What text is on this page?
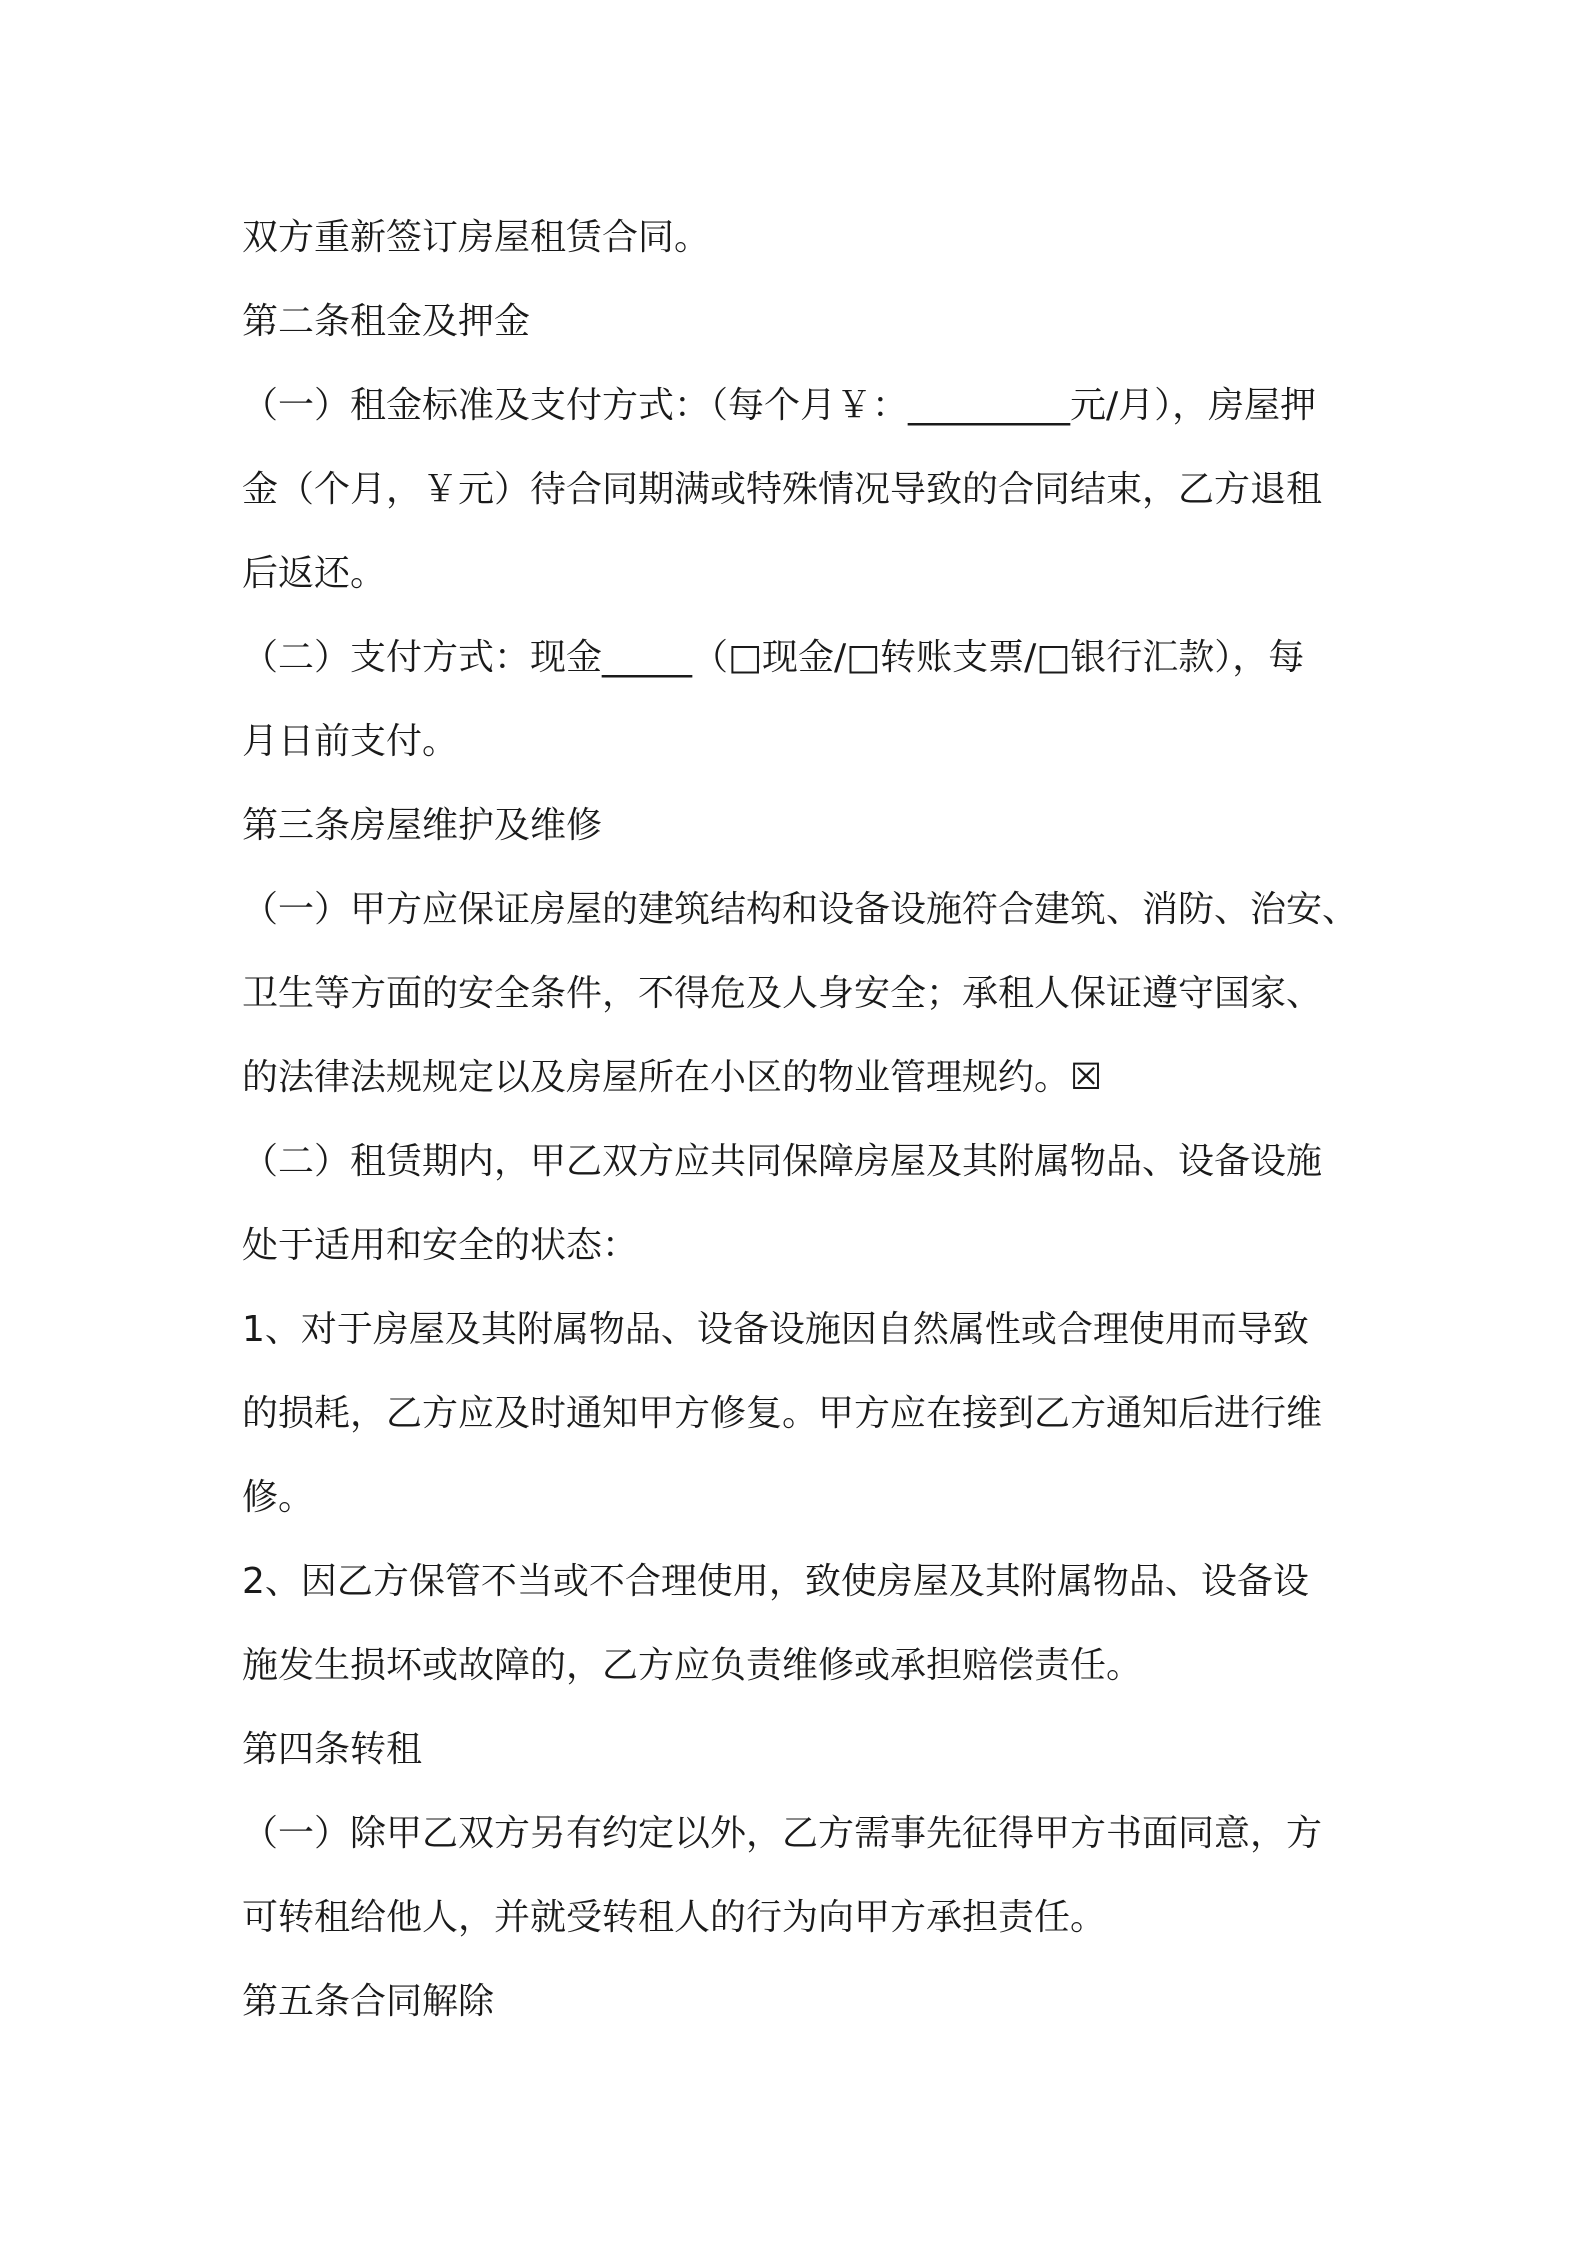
双方重新签订房屋租赁合同。

第二条租金及押金

（一）租金标准及支付方式：（每个月￥：_________元/月），房屋押
金（个月，￥元）待合同期满或特殊情况导致的合同结束，乙方退租
后返还。

（二）支付方式：现金_____（□现金/□转账支票/□银行汇款），每
月日前支付。

第三条房屋维护及维修

（一）甲方应保证房屋的建筑结构和设备设施符合建筑、消防、治安、
卫生等方面的安全条件，不得危及人身安全；承租人保证遵守国家、
的法律法规规定以及房屋所在小区的物业管理规约。☒

（二）租赁期内，甲乙双方应共同保障房屋及其附属物品、设备设施
处于适用和安全的状态：

1、对于房屋及其附属物品、设备设施因自然属性或合理使用而导致
的损耗，乙方应及时通知甲方修复。甲方应在接到乙方通知后进行维
修。

2、因乙方保管不当或不合理使用，致使房屋及其附属物品、设备设
施发生损坏或故障的，乙方应负责维修或承担赔偿责任。

第四条转租

（一）除甲乙双方另有约定以外，乙方需事先征得甲方书面同意，方
可转租给他人，并就受转租人的行为向甲方承担责任。

第五条合同解除
